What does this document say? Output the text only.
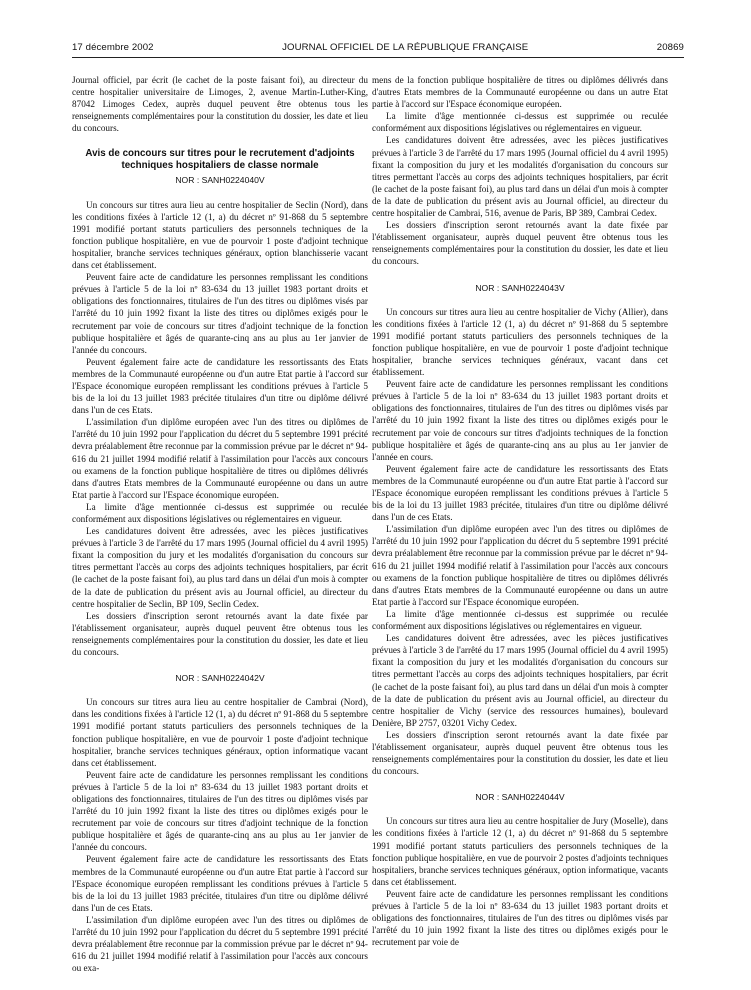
17 décembre 2002	JOURNAL OFFICIEL DE LA RÉPUBLIQUE FRANÇAISE	20869

Journal officiel, par écrit (le cachet de la poste faisant foi), au directeur du centre hospitalier universitaire de Limoges, 2, avenue Martin-Luther-King, 87042 Limoges Cedex, auprès duquel peuvent être obtenus tous les renseignements complémentaires pour la constitution du dossier, les date et lieu du concours.

Avis de concours sur titres pour le recrutement d'adjoints techniques hospitaliers de classe normale
NOR : SANH0224040V

Un concours sur titres aura lieu au centre hospitalier de Seclin (Nord), dans les conditions fixées à l'article 12 (1, a) du décret nº 91-868 du 5 septembre 1991 modifié portant statuts particuliers des personnels techniques de la fonction publique hospitalière, en vue de pourvoir 1 poste d'adjoint technique hospitalier, branche services techniques généraux, option blanchisserie vacant dans cet établissement.

Peuvent faire acte de candidature les personnes remplissant les conditions prévues à l'article 5 de la loi nº 83-634 du 13 juillet 1983 portant droits et obligations des fonctionnaires, titulaires de l'un des titres ou diplômes visés par l'arrêté du 10 juin 1992 fixant la liste des titres ou diplômes exigés pour le recrutement par voie de concours sur titres d'adjoint technique de la fonction publique hospitalière et âgés de quarante-cinq ans au plus au 1er janvier de l'année du concours.

Peuvent également faire acte de candidature les ressortissants des Etats membres de la Communauté européenne ou d'un autre Etat partie à l'accord sur l'Espace économique européen remplissant les conditions prévues à l'article 5 bis de la loi du 13 juillet 1983 précitée titulaires d'un titre ou diplôme délivré dans l'un de ces Etats.

L'assimilation d'un diplôme européen avec l'un des titres ou diplômes de l'arrêté du 10 juin 1992 pour l'application du décret du 5 septembre 1991 précité devra préalablement être reconnue par la commission prévue par le décret nº 94-616 du 21 juillet 1994 modifié relatif à l'assimilation pour l'accès aux concours ou examens de la fonction publique hospitalière de titres ou diplômes délivrés dans d'autres Etats membres de la Communauté européenne ou dans un autre Etat partie à l'accord sur l'Espace économique européen.

La limite d'âge mentionnée ci-dessus est supprimée ou reculée conformément aux dispositions législatives ou réglementaires en vigueur.

Les candidatures doivent être adressées, avec les pièces justificatives prévues à l'article 3 de l'arrêté du 17 mars 1995 (Journal officiel du 4 avril 1995) fixant la composition du jury et les modalités d'organisation du concours sur titres permettant l'accès au corps des adjoints techniques hospitaliers, par écrit (le cachet de la poste faisant foi), au plus tard dans un délai d'un mois à compter de la date de publication du présent avis au Journal officiel, au directeur du centre hospitalier de Seclin, BP 109, Seclin Cedex.

Les dossiers d'inscription seront retournés avant la date fixée par l'établissement organisateur, auprès duquel peuvent être obtenus tous les renseignements complémentaires pour la constitution du dossier, les date et lieu du concours.

NOR : SANH0224042V

Un concours sur titres aura lieu au centre hospitalier de Cambrai (Nord), dans les conditions fixées à l'article 12 (1, a) du décret nº 91-868 du 5 septembre 1991 modifié portant statuts particuliers des personnels techniques de la fonction publique hospitalière, en vue de pourvoir 1 poste d'adjoint technique hospitalier, branche services techniques généraux, option informatique vacant dans cet établissement.

Peuvent faire acte de candidature les personnes remplissant les conditions prévues à l'article 5 de la loi nº 83-634 du 13 juillet 1983 portant droits et obligations des fonctionnaires, titulaires de l'un des titres ou diplômes visés par l'arrêté du 10 juin 1992 fixant la liste des titres ou diplômes exigés pour le recrutement par voie de concours sur titres d'adjoint technique de la fonction publique hospitalière et âgés de quarante-cinq ans au plus au 1er janvier de l'année du concours.

Peuvent également faire acte de candidature les ressortissants des Etats membres de la Communauté européenne ou d'un autre Etat partie à l'accord sur l'Espace économique européen remplissant les conditions prévues à l'article 5 bis de la loi du 13 juillet 1983 précitée, titulaires d'un titre ou diplôme délivré dans l'un de ces Etats.

L'assimilation d'un diplôme européen avec l'un des titres ou diplômes de l'arrêté du 10 juin 1992 pour l'application du décret du 5 septembre 1991 précité devra préalablement être reconnue par la commission prévue par le décret nº 94-616 du 21 juillet 1994 modifié relatif à l'assimilation pour l'accès aux concours ou exa-

mens de la fonction publique hospitalière de titres ou diplômes délivrés dans d'autres Etats membres de la Communauté européenne ou dans un autre Etat partie à l'accord sur l'Espace économique européen.

La limite d'âge mentionnée ci-dessus est supprimée ou reculée conformément aux dispositions législatives ou réglementaires en vigueur.

Les candidatures doivent être adressées, avec les pièces justificatives prévues à l'article 3 de l'arrêté du 17 mars 1995 (Journal officiel du 4 avril 1995) fixant la composition du jury et les modalités d'organisation du concours sur titres permettant l'accès au corps des adjoints techniques hospitaliers, par écrit (le cachet de la poste faisant foi), au plus tard dans un délai d'un mois à compter de la date de publication du présent avis au Journal officiel, au directeur du centre hospitalier de Cambrai, 516, avenue de Paris, BP 389, Cambrai Cedex.

Les dossiers d'inscription seront retournés avant la date fixée par l'établissement organisateur, auprès duquel peuvent être obtenus tous les renseignements complémentaires pour la constitution du dossier, les date et lieu du concours.

NOR : SANH0224043V

Un concours sur titres aura lieu au centre hospitalier de Vichy (Allier), dans les conditions fixées à l'article 12 (1, a) du décret nº 91-868 du 5 septembre 1991 modifié portant statuts particuliers des personnels techniques de la fonction publique hospitalière, en vue de pourvoir 1 poste d'adjoint technique hospitalier, branche services techniques généraux, vacant dans cet établissement.

Peuvent faire acte de candidature les personnes remplissant les conditions prévues à l'article 5 de la loi nº 83-634 du 13 juillet 1983 portant droits et obligations des fonctionnaires, titulaires de l'un des titres ou diplômes visés par l'arrêté du 10 juin 1992 fixant la liste des titres ou diplômes exigés pour le recrutement par voie de concours sur titres d'adjoints techniques de la fonction publique hospitalière et âgés de quarante-cinq ans au plus au 1er janvier de l'année en cours.

Peuvent également faire acte de candidature les ressortissants des Etats membres de la Communauté européenne ou d'un autre Etat partie à l'accord sur l'Espace économique européen remplissant les conditions prévues à l'article 5 bis de la loi du 13 juillet 1983 précitée, titulaires d'un titre ou diplôme délivré dans l'un de ces Etats.

L'assimilation d'un diplôme européen avec l'un des titres ou diplômes de l'arrêté du 10 juin 1992 pour l'application du décret du 5 septembre 1991 précité devra préalablement être reconnue par la commission prévue par le décret nº 94-616 du 21 juillet 1994 modifié relatif à l'assimilation pour l'accès aux concours ou examens de la fonction publique hospitalière de titres ou diplômes délivrés dans d'autres Etats membres de la Communauté européenne ou dans un autre Etat partie à l'accord sur l'Espace économique européen.

La limite d'âge mentionnée ci-dessus est supprimée ou reculée conformément aux dispositions législatives ou réglementaires en vigueur.

Les candidatures doivent être adressées, avec les pièces justificatives prévues à l'article 3 de l'arrêté du 17 mars 1995 (Journal officiel du 4 avril 1995) fixant la composition du jury et les modalités d'organisation du concours sur titres permettant l'accès au corps des adjoints techniques hospitaliers, par écrit (le cachet de la poste faisant foi), au plus tard dans un délai d'un mois à compter de la date de publication du présent avis au Journal officiel, au directeur du centre hospitalier de Vichy (service des ressources humaines), boulevard Denière, BP 2757, 03201 Vichy Cedex.

Les dossiers d'inscription seront retournés avant la date fixée par l'établissement organisateur, auprès duquel peuvent être obtenus tous les renseignements complémentaires pour la constitution du dossier, les date et lieu du concours.

NOR : SANH0224044V

Un concours sur titres aura lieu au centre hospitalier de Jury (Moselle), dans les conditions fixées à l'article 12 (1, a) du décret nº 91-868 du 5 septembre 1991 modifié portant statuts particuliers des personnels techniques de la fonction publique hospitalière, en vue de pourvoir 2 postes d'adjoints techniques hospitaliers, branche services techniques généraux, option informatique, vacants dans cet établissement.

Peuvent faire acte de candidature les personnes remplissant les conditions prévues à l'article 5 de la loi nº 83-634 du 13 juillet 1983 portant droits et obligations des fonctionnaires, titulaires de l'un des titres ou diplômes visés par l'arrêté du 10 juin 1992 fixant la liste des titres ou diplômes exigés pour le recrutement par voie de
